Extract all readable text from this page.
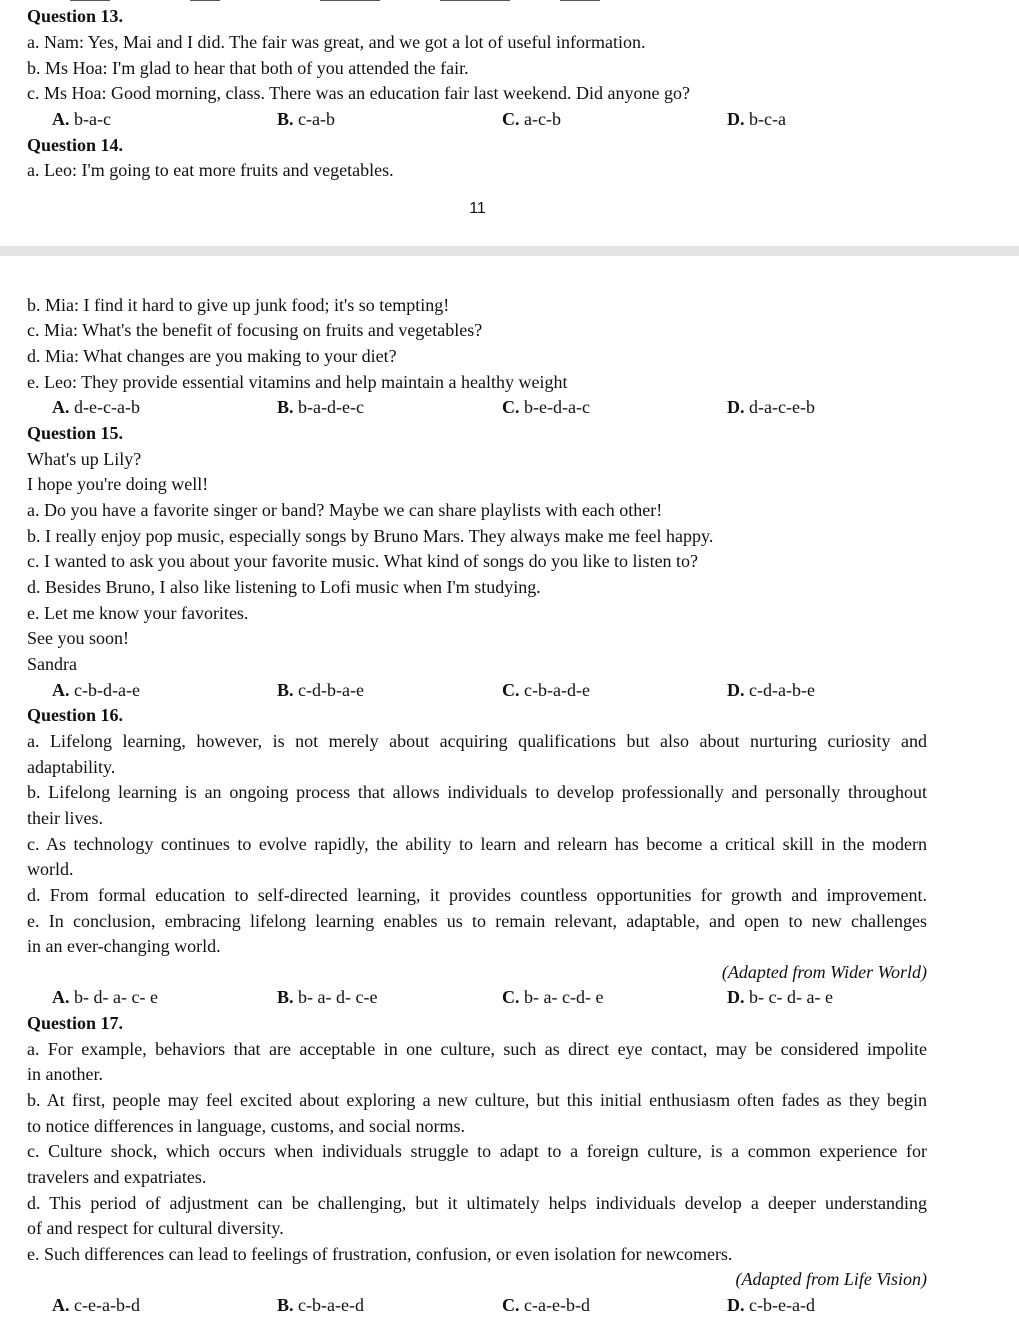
Question 13.
a. Nam: Yes, Mai and I did. The fair was great, and we got a lot of useful information.
b. Ms Hoa: I'm glad to hear that both of you attended the fair.
c. Ms Hoa: Good morning, class. There was an education fair last weekend. Did anyone go?
A. b-a-c	B. c-a-b	C. a-c-b	D. b-c-a
Question 14.
a. Leo: I'm going to eat more fruits and vegetables.
11
b. Mia: I find it hard to give up junk food; it's so tempting!
c. Mia: What's the benefit of focusing on fruits and vegetables?
d. Mia: What changes are you making to your diet?
e. Leo: They provide essential vitamins and help maintain a healthy weight
A. d-e-c-a-b	B. b-a-d-e-c	C. b-e-d-a-c	D. d-a-c-e-b
Question 15.
What's up Lily?
I hope you're doing well!
a. Do you have a favorite singer or band? Maybe we can share playlists with each other!
b. I really enjoy pop music, especially songs by Bruno Mars. They always make me feel happy.
c. I wanted to ask you about your favorite music. What kind of songs do you like to listen to?
d. Besides Bruno, I also like listening to Lofi music when I'm studying.
e. Let me know your favorites.
See you soon!
Sandra
A. c-b-d-a-e	B. c-d-b-a-e	C. c-b-a-d-e	D. c-d-a-b-e
Question 16.
a. Lifelong learning, however, is not merely about acquiring qualifications but also about nurturing curiosity and
adaptability.
b. Lifelong learning is an ongoing process that allows individuals to develop professionally and personally throughout
their lives.
c. As technology continues to evolve rapidly, the ability to learn and relearn has become a critical skill in the modern
world.
d. From formal education to self-directed learning, it provides countless opportunities for growth and improvement.
e. In conclusion, embracing lifelong learning enables us to remain relevant, adaptable, and open to new challenges
in an ever-changing world.
(Adapted from Wider World)
A. b- d- a- c- e	B. b- a- d- c-e	C. b- a- c-d- e	D. b- c- d- a- e
Question 17.
a. For example, behaviors that are acceptable in one culture, such as direct eye contact, may be considered impolite
in another.
b. At first, people may feel excited about exploring a new culture, but this initial enthusiasm often fades as they begin
to notice differences in language, customs, and social norms.
c. Culture shock, which occurs when individuals struggle to adapt to a foreign culture, is a common experience for
travelers and expatriates.
d. This period of adjustment can be challenging, but it ultimately helps individuals develop a deeper understanding
of and respect for cultural diversity.
e. Such differences can lead to feelings of frustration, confusion, or even isolation for newcomers.
(Adapted from Life Vision)
A. c-e-a-b-d	B. c-b-a-e-d	C. c-a-e-b-d	D. c-b-e-a-d
